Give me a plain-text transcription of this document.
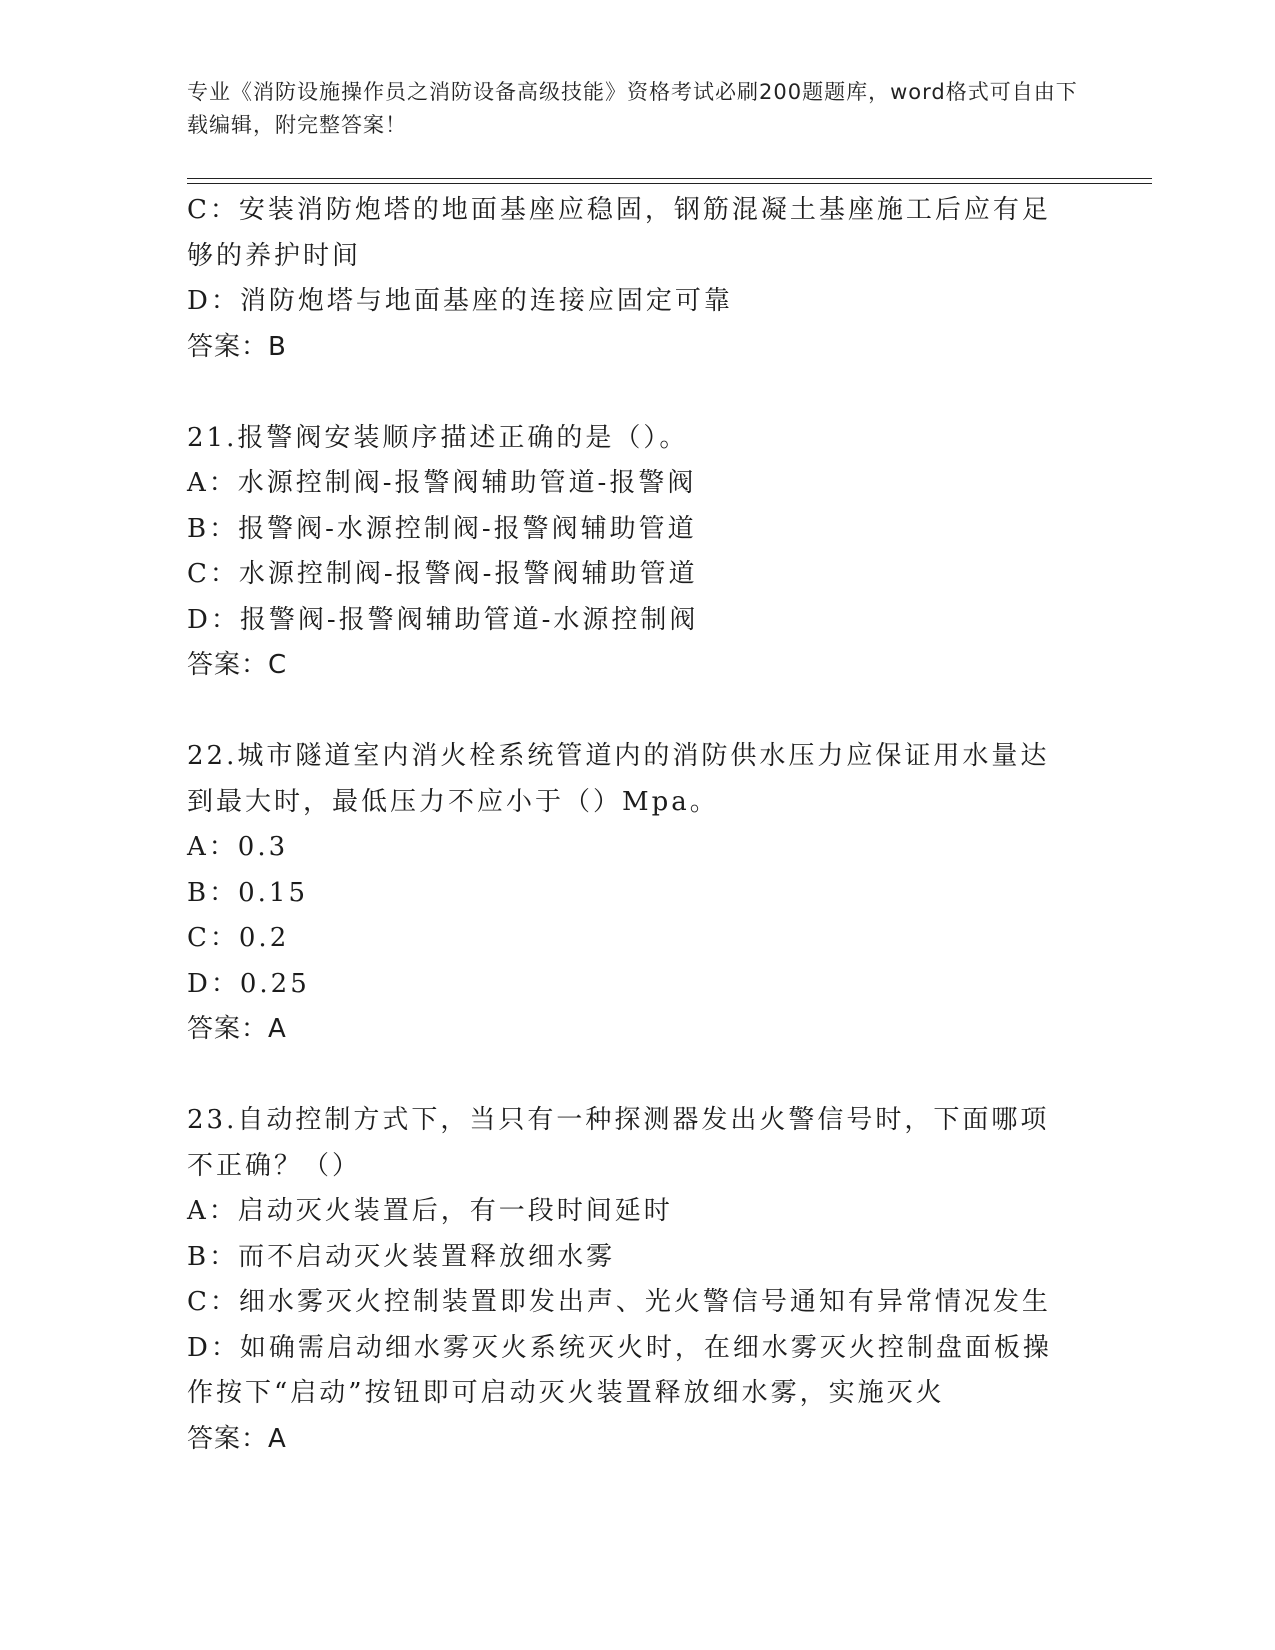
专业《消防设施操作员之消防设备高级技能》资格考试必刷200题题库，word格式可自由下载编辑，附完整答案！

C：安装消防炮塔的地面基座应稳固，钢筋混凝土基座施工后应有足够的养护时间

D：消防炮塔与地面基座的连接应固定可靠

答案：B

21.报警阀安装顺序描述正确的是（）。

A：水源控制阀-报警阀辅助管道-报警阀

B：报警阀-水源控制阀-报警阀辅助管道

C：水源控制阀-报警阀-报警阀辅助管道

D：报警阀-报警阀辅助管道-水源控制阀

答案：C

22.城市隧道室内消火栓系统管道内的消防供水压力应保证用水量达到最大时，最低压力不应小于（）Mpa。

A：0.3

B：0.15

C：0.2

D：0.25

答案：A

23.自动控制方式下，当只有一种探测器发出火警信号时，下面哪项不正确？（）

A：启动灭火装置后，有一段时间延时

B：而不启动灭火装置释放细水雾

C：细水雾灭火控制装置即发出声、光火警信号通知有异常情况发生

D：如确需启动细水雾灭火系统灭火时，在细水雾灭火控制盘面板操作按下“启动”按钮即可启动灭火装置释放细水雾，实施灭火

答案：A
